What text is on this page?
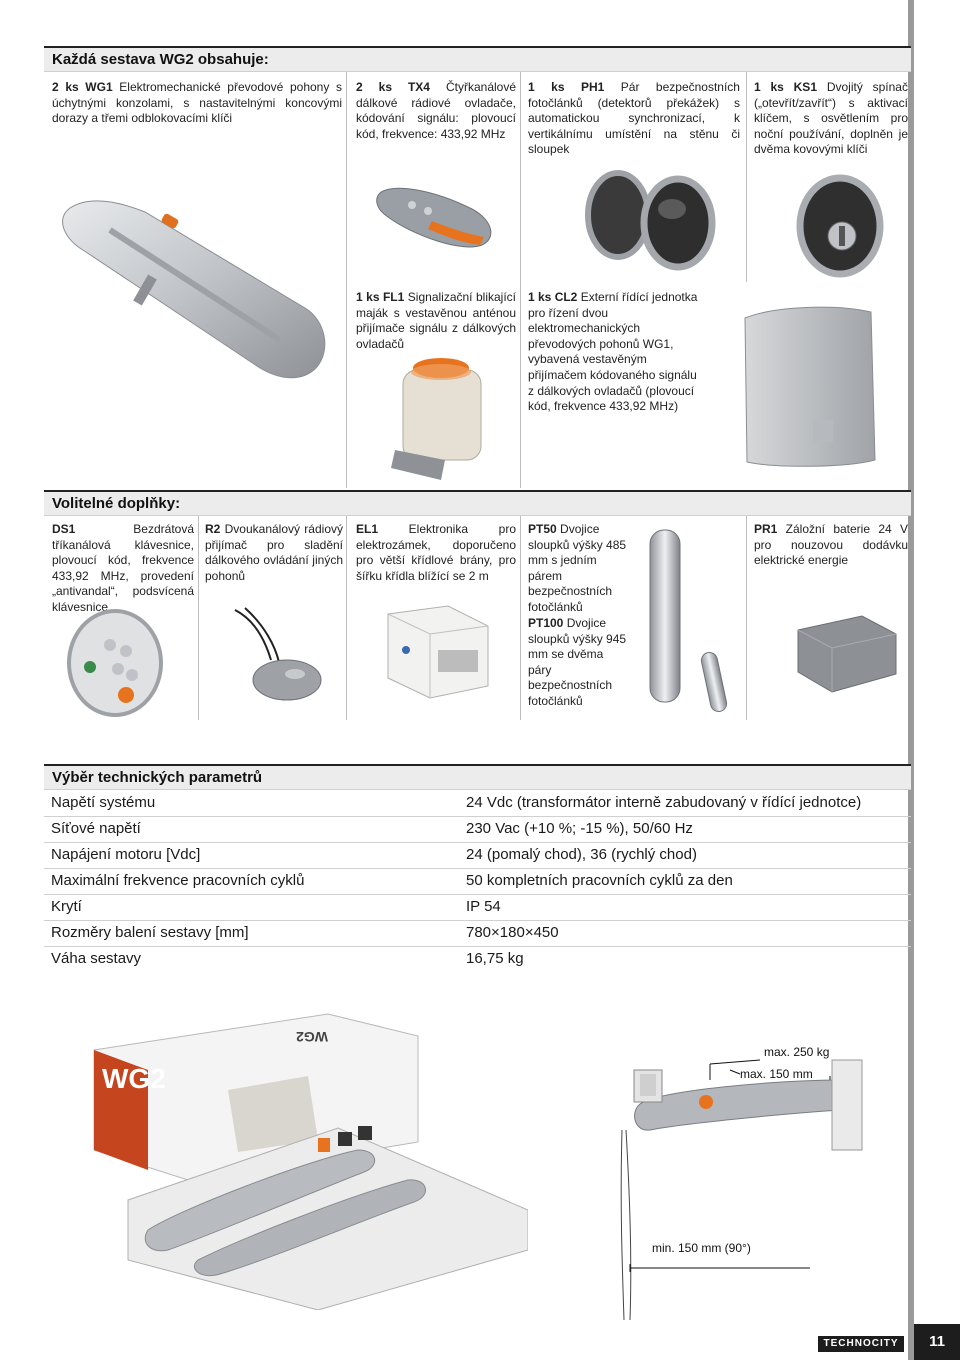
Každá sestava WG2 obsahuje:
2 ks WG1 Elektromechanické převodové pohony s úchytnými konzolami, s nastavitelnými koncovými dorazy a třemi odblokovacími klíči
2 ks TX4 Čtyřkanálové dálkové rádiové ovladače, kódování signálu: plovoucí kód, frekvence: 433,92 MHz
1 ks PH1 Pár bezpečnostních fotočlánků (detektorů překážek) s automatickou synchronizací, k vertikálnímu umístění na stěnu či sloupek
1 ks KS1 Dvojitý spínač („otevřít/zavřít“) s aktivací klíčem, s osvětlením pro noční používání, doplněn je dvěma kovovými klíči
1 ks FL1 Signalizační blikající maják s vestavěnou anténou přijímače signálu z dálkových ovladačů
1 ks CL2 Externí řídící jednotka pro řízení dvou elektromechanických převodových pohonů WG1, vybavená vestavěným přijímačem kódovaného signálu z dálkových ovladačů (plovoucí kód, frekvence 433,92 MHz)
Volitelné doplňky:
DS1	Bezdrátová tříkanálová klávesnice, plovoucí kód, frekvence 433,92 MHz, provedení „antivandal“, podsvícená klávesnice
R2 Dvoukanálový rádiový přijímač pro sladění dálkového ovládání jiných pohonů
EL1	Elektronika pro elektrozámek, doporučeno pro větší křídlové brány, pro šířku křídla blížící se 2 m
PT50 Dvojice sloupků výšky 485 mm s jedním párem bezpečnostních fotočlánků
PT100 Dvojice sloupků výšky 945 mm se dvěma páry bezpečnostních fotočlánků
PR1 Záložní baterie 24 V pro nouzovou dodávku elektrické energie
Výběr technických parametrů
Napětí systému	24 Vdc (transformátor interně zabudovaný v řídící jednotce)
Síťové napětí	230 Vac (+10 %; -15 %), 50/60 Hz
Napájení motoru [Vdc]	24 (pomalý chod), 36 (rychlý chod)
Maximální frekvence pracovních cyklů	50 kompletních pracovních cyklů za den
Krytí	IP 54
Rozměry balení sestavy [mm]	780×180×450
Váha sestavy	16,75 kg
WG2
WG2
max. 250 kg
max. 150 mm
min. 150 mm (90°)
TECHNOCITY	11
